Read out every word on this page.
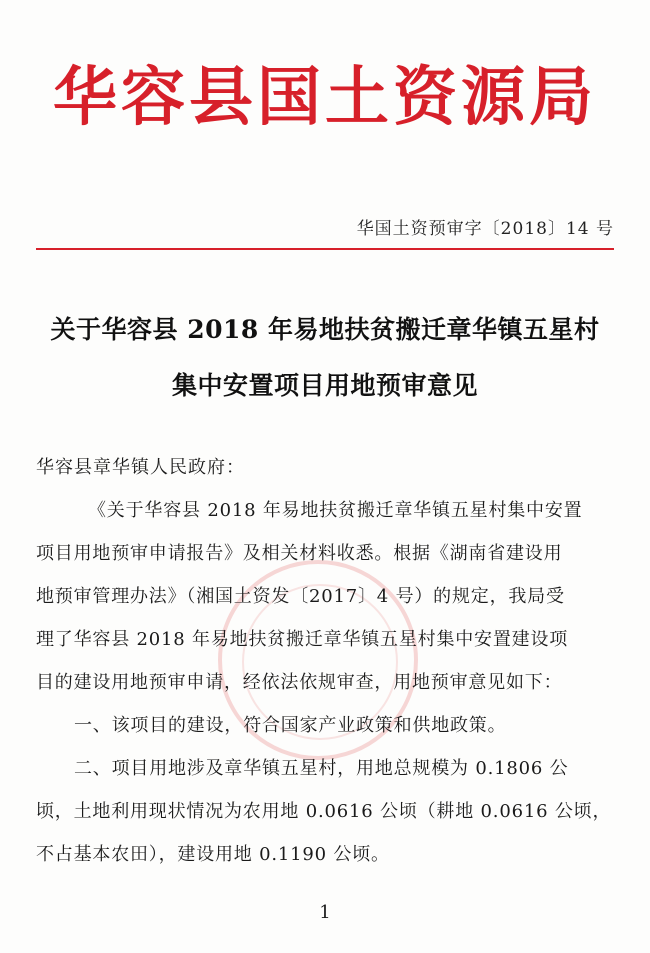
华容县国土资源局
华国土资预审字〔2018〕14 号
关于华容县 2018 年易地扶贫搬迁章华镇五星村
集中安置项目用地预审意见
华容县章华镇人民政府：
《关于华容县 2018 年易地扶贫搬迁章华镇五星村集中安置
项目用地预审申请报告》及相关材料收悉。根据《湖南省建设用
地预审管理办法》（湘国土资发〔2017〕4 号）的规定，我局受
理了华容县 2018 年易地扶贫搬迁章华镇五星村集中安置建设项
目的建设用地预审申请，经依法依规审查，用地预审意见如下：
一、该项目的建设，符合国家产业政策和供地政策。
二、项目用地涉及章华镇五星村，用地总规模为 0.1806 公
顷，土地利用现状情况为农用地 0.0616 公顷（耕地 0.0616 公顷，
不占基本农田），建设用地 0.1190 公顷。
1
